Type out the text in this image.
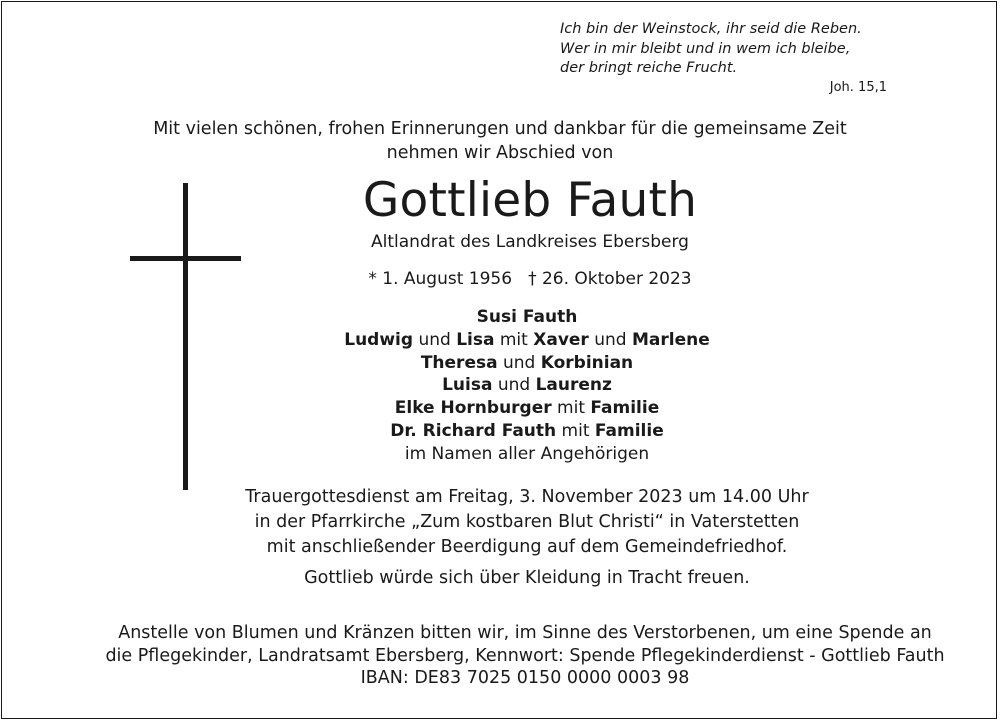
Ich bin der Weinstock, ihr seid die Reben.
Wer in mir bleibt und in wem ich bleibe,
der bringt reiche Frucht.
Joh. 15,1
Mit vielen schönen, frohen Erinnerungen und dankbar für die gemeinsame Zeit
nehmen wir Abschied von
Gottlieb Fauth
Altlandrat des Landkreises Ebersberg
* 1. August 1956 † 26. Oktober 2023
Susi Fauth
Ludwig und Lisa mit Xaver und Marlene
Theresa und Korbinian
Luisa und Laurenz
Elke Hornburger mit Familie
Dr. Richard Fauth mit Familie
im Namen aller Angehörigen
Trauergottesdienst am Freitag, 3. November 2023 um 14.00 Uhr
in der Pfarrkirche „Zum kostbaren Blut Christi“ in Vaterstetten
mit anschließender Beerdigung auf dem Gemeindefriedhof.
Gottlieb würde sich über Kleidung in Tracht freuen.
Anstelle von Blumen und Kränzen bitten wir, im Sinne des Verstorbenen, um eine Spende an
die Pflegekinder, Landratsamt Ebersberg, Kennwort: Spende Pflegekinderdienst - Gottlieb Fauth
IBAN: DE83 7025 0150 0000 0003 98
